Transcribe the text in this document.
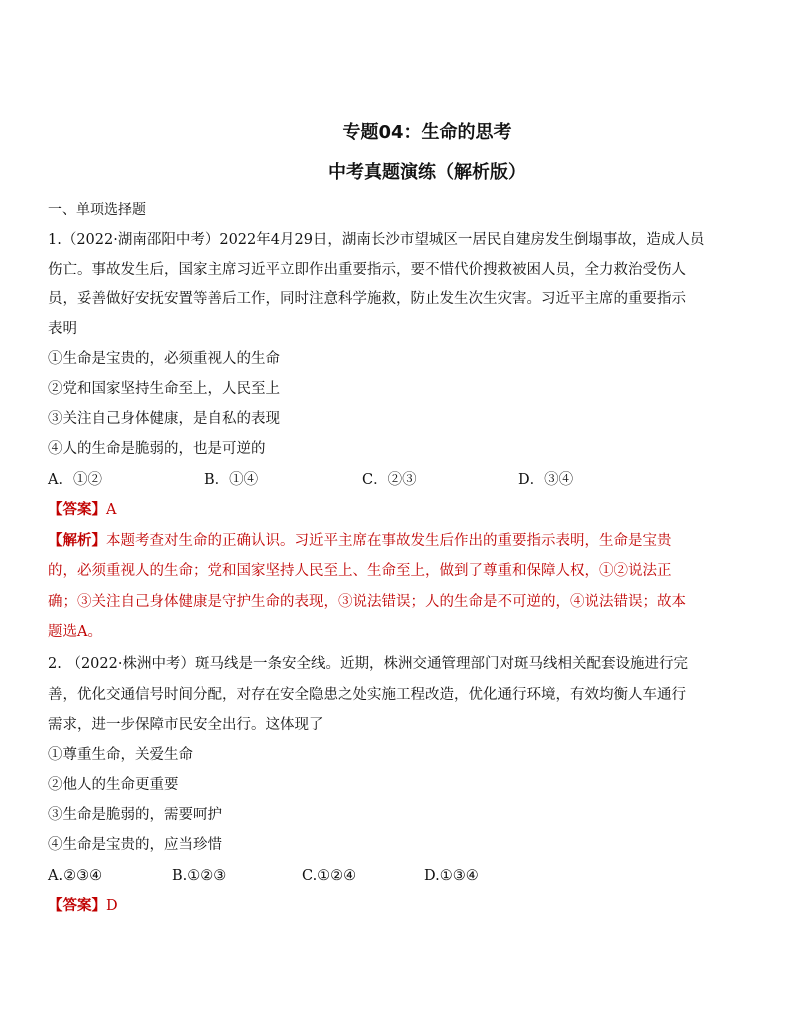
专题04：生命的思考
中考真题演练（解析版）
一、单项选择题
1.（2022·湖南邵阳中考）2022年4月29日，湖南长沙市望城区一居民自建房发生倒塌事故，造成人员
伤亡。事故发生后，国家主席习近平立即作出重要指示，要不惜代价搜救被困人员，全力救治受伤人
员，妥善做好安抚安置等善后工作，同时注意科学施救，防止发生次生灾害。习近平主席的重要指示
表明
①生命是宝贵的，必须重视人的生命
②党和国家坚持生命至上，人民至上
③关注自己身体健康，是自私的表现
④人的生命是脆弱的，也是可逆的
A．①②	B．①④	C．②③	D．③④
【答案】A
【解析】本题考查对生命的正确认识。习近平主席在事故发生后作出的重要指示表明，生命是宝贵
的，必须重视人的生命；党和国家坚持人民至上、生命至上，做到了尊重和保障人权，①②说法正
确；③关注自己身体健康是守护生命的表现，③说法错误；人的生命是不可逆的，④说法错误；故本
题选A。
2. （2022·株洲中考）斑马线是一条安全线。近期，株洲交通管理部门对斑马线相关配套设施进行完
善，优化交通信号时间分配，对存在安全隐患之处实施工程改造，优化通行环境，有效均衡人车通行
需求，进一步保障市民安全出行。这体现了
①尊重生命，关爱生命
②他人的生命更重要
③生命是脆弱的，需要呵护
④生命是宝贵的，应当珍惜
A.②③④	B.①②③	C.①②④	D.①③④
【答案】D
